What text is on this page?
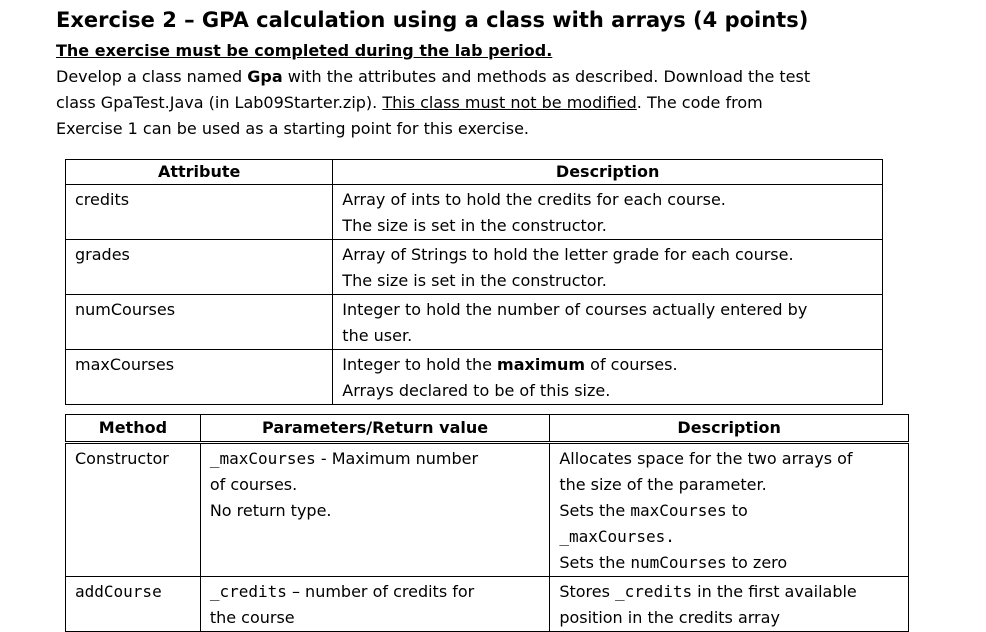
Exercise 2 – GPA calculation using a class with arrays (4 points)
The exercise must be completed during the lab period.
Develop a class named Gpa with the attributes and methods as described. Download the test
class GpaTest.Java (in Lab09Starter.zip). This class must not be modified. The code from
Exercise 1 can be used as a starting point for this exercise.
Attribute	Description

credits	Array of ints to hold the credits for each course.
The size is set in the constructor.

grades	Array of Strings to hold the letter grade for each course.
The size is set in the constructor.

numCourses	Integer to hold the number of courses actually entered by
the user.

maxCourses	Integer to hold the maximum of courses.
Arrays declared to be of this size.
Method	Parameters/Return value	Description

Constructor	_maxCourses - Maximum number
of courses.
No return type.	Allocates space for the two arrays of
the size of the parameter.
Sets the maxCourses to
_maxCourses.
Sets the numCourses to zero

addCourse	_credits – number of credits for
the course	Stores _credits in the first available
position in the credits array
